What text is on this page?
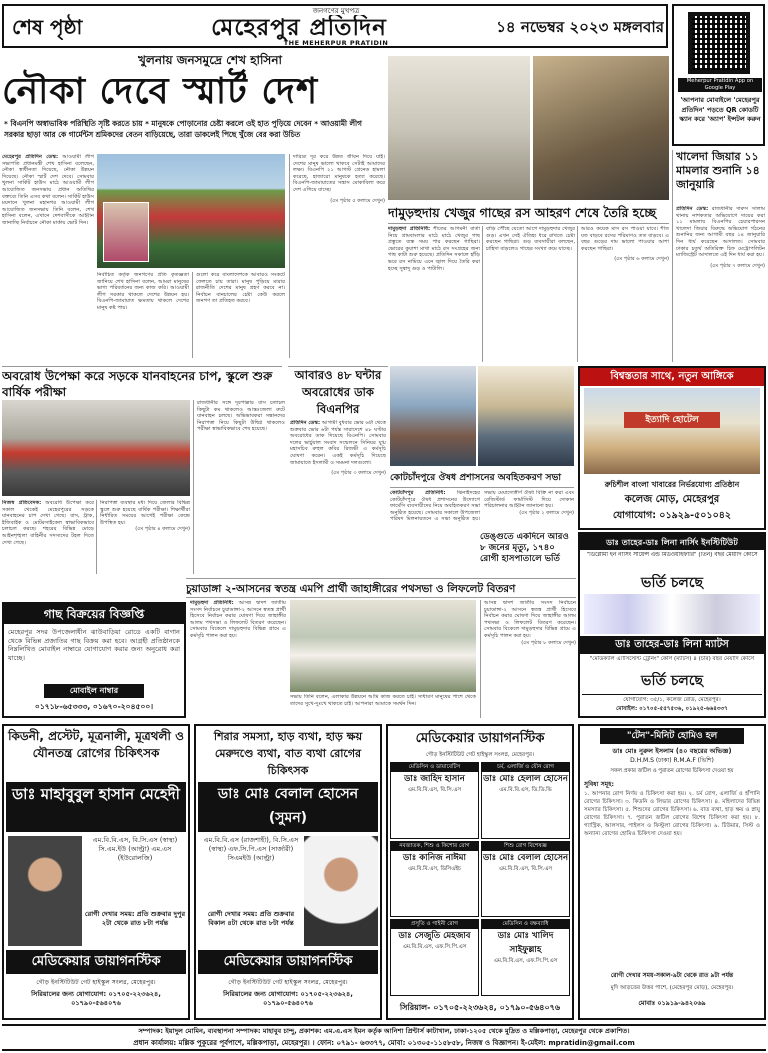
শেষ পৃষ্ঠা
জনগণের মুখপত্র
মেহেরপুর প্রতিদিন
THE MEHERPUR PRATIDIN
১৪ নভেম্বর ২০২৩ মঙ্গলবার
Meherpur Pratidin App on Google Play
'আপনার মোবাইলে 'মেহেরপুর প্রতিদিন' পড়তে QR কোডটি স্ক্যান করে 'অ্যাপ' ইন্সটল করুন
খুলনায় জনসমুদ্রে শেখ হাসিনা
নৌকা দেবে স্মার্ট দেশ
* বিএনপি অস্বাভাবিক পরিস্থিতি সৃষ্টি করতে চায় * মানুষকে পোড়ানোর চেষ্টা করলে ওই হাত পুড়িয়ে দেবেন * আওয়ামী লীগ সরকার ছাড়া আর কে গার্মেন্টস শ্রমিকদের বেতন বাড়িয়েছে, তারা ডাকলেই পিছে খুঁজে বের করা উচিত
মেহেরপুর প্রতিদিন ডেস্ক: আওয়ামী লীগ সভাপতি প্রধানমন্ত্রী শেখ হাসিনা বলেছেন, নৌকা স্বাধীনতা দিয়েছে, নৌকা উন্নয়ন দিয়েছে। নৌকা স্মার্ট দেশ দেবে। সোমবার খুলনা সার্কিট হাউস মাঠে আওয়ামী লীগ আয়োজিত জনসভায় প্রধান অতিথির বক্তব্যে তিনি এসব কথা বলেন। সার্কিট হাউস ময়দানে খুলনা মহানগর আওয়ামী লীগ আয়োজিত জনসভায় তিনি বলেন, শেখ হাসিনা বলেন, এখানে দেশবাসীকে আহ্বান জানাচ্ছি নির্বাচনে নৌকা মার্কায় ভোট দিন।
নির্বাচিত কর্তৃক জনগণের প্রতি কৃতজ্ঞতা জানিয়ে শেখ হাসিনা বলেন, আমরা মানুষের ভাগ্য পরিবর্তনের জন্য কাজ করি। আওয়ামী লীগ সরকার থাকলে দেশের উন্নয়ন হয়। বিএনপি-জামায়াত ক্ষমতায় থাকলে দেশের মানুষ কষ্ট পায়।
গুলো করে বাংলাদেশকে আবারও সংকটে ফেলতে চায় তারা। মানুষ পুড়িয়ে মারার রাজনীতি দেশের মানুষ গ্রহণ করবে না। নির্বাচন বানচালের চেষ্টা কেউ করলে জনগণ তা প্রতিহত করবে।
দারিদ্র্য দূর করে উন্নত জীবন দিয়ে যাই। দেশের মানুষ ভালো থাকবে সেটাই আমাদের লক্ষ্য। বিএনপি ২১ আগস্ট গ্রেনেড হামলা করেছে, হাজারো মানুষকে হত্যা করেছে। বিএনপি-জামায়াতের সন্ত্রাস মোকাবিলা করে দেশ এগিয়ে যাচ্ছে।
(৫ম পৃষ্ঠার ৫ কলামে দেখুন)
দামুড়হুদায় খেজুর গাছের রস আহরণ শেষে তৈরি হচ্ছে
দামুড়হুদা প্রতিনিধি: শীতের আগমনী বার্তা নিয়ে গ্রামবাংলার মাঠে মাঠে খেজুর গাছ প্রস্তুতে ব্যস্ত সময় পার করছেন গাছিরা। ভোরের কুয়াশা মাখা মাঠে রস সংগ্রহের জন্য গাছ কাটা শুরু হয়েছে। প্রতিদিন সকালে হাঁড়ি ভরে রস নামিয়ে এনে জ্বাল দিয়ে তৈরি করা হচ্ছে সুস্বাদু গুড় ও পাটালি।
বাড়ি পৌঁছে যেতো আগে দামুড়হুদার খেজুর গুড়। এখন সেই ঐতিহ্য ধরে রাখতে চেষ্টা করছেন গাছিরা। গুড় ব্যবসায়ীরা বলছেন, চাহিদা বাড়লেও গাছের সংখ্যা কমে যাচ্ছে।
আরও কয়েক মাস রস পাওয়া যাবে। শীত যত বাড়বে রসের পরিমাণও তত বাড়বে। এ বছর গুড়ের দাম ভালো পাওয়ার আশা করছেন গাছিরা।
(৫ম পৃষ্ঠার ৬ কলামে দেখুন)
খালেদা জিয়ার ১১ মামলার শুনানি ১৪ জানুয়ারি
প্রতিদিন ডেস্ক: রাজধানীর দারুস সালাম থানায় নাশকতার অভিযোগে দায়ের করা ১১ মামলায় বিএনপির চেয়ারপারসন খালেদা জিয়ার বিরুদ্ধে অভিযোগ গঠনের শুনানির জন্য আগামী বছর ১৪ জানুয়ারি দিন ধার্য করেছেন আদালত। সোমবার ঢাকার চতুর্থ অতিরিক্ত চিফ মেট্রোপলিটন ম্যাজিস্ট্রেট আদালতে এই দিন ধার্য করা হয়।
(৫ম পৃষ্ঠার ৭ কলামে দেখুন)
অবরোধ উপেক্ষা করে সড়কে যানবাহনের চাপ, স্কুলে শুরু বার্ষিক পরীক্ষা
রাজধানীর সঙ্গে দূরপাল্লার বাস চলাচল কিছুটা কম থাকলেও আন্তঃজেলা রুটে যানবাহন চলছে। অভিভাবকরা সন্তানদের নিরাপত্তা নিয়ে কিছুটা উদ্বিগ্ন থাকলেও পরীক্ষা স্বাভাবিকভাবে শেষ হয়েছে।
নিজস্ব প্রতিবেদক: অবরোধ উপেক্ষা করে সকাল থেকেই মেহেরপুরের সড়কে যানবাহনের চাপ দেখা গেছে। বাস, ট্রাক, ইজিবাইক ও মোটরসাইকেল স্বাভাবিকভাবে চলাচল করছে। শহরের বিভিন্ন মোড়ে আইনশৃঙ্খলা বাহিনীর সদস্যদের টহল দিতে দেখা গেছে।
নিরাপত্তা ব্যবস্থার মধ্য দিয়ে জেলার বিভিন্ন স্কুলে শুরু হয়েছে বার্ষিক পরীক্ষা। শিক্ষার্থীরা নির্ধারিত সময়ের আগেই পরীক্ষা কেন্দ্রে উপস্থিত হয়।
(৫ম পৃষ্ঠার ৪ কলামে দেখুন)
আবারও ৪৮ ঘন্টার অবরোধের ডাক বিএনপির
প্রতিদিন ডেস্ক: আগামী বুধবার ভোর ৬টা থেকে শুক্রবার ভোর ৬টা পর্যন্ত সারাদেশে ৪৮ ঘণ্টার অবরোধের ডাক দিয়েছে বিএনপি। সোমবার দলের ভার্চুয়াল সংবাদ সম্মেলনে সিনিয়র যুগ্ম মহাসচিব রুহুল কবির রিজভী এ কর্মসূচি ঘোষণা করেন। একই কর্মসূচি দিয়েছে জামায়াতে ইসলামী ও সমমনা দলগুলো।
(৫ম পৃষ্ঠার ৩ কলামে দেখুন) কোটচাঁদপুরে ঔষধ প্রশাসনের অবহিতকরণ সভা
কোটচাঁদপুর প্রতিনিধি: ঝিনাইদহের কোটচাঁদপুরে ঔষধ প্রশাসনের উদ্যোগে ফার্মেসি ব্যবসায়ীদের নিয়ে অবহিতকরণ সভা অনুষ্ঠিত হয়েছে। সোমবার সকালে উপজেলা পরিষদ মিলনায়তনে এ সভা অনুষ্ঠিত হয়। সভায় মেয়াদোত্তীর্ণ ঔষধ বিক্রি না করা এবং রেজিস্টার্ড ফার্মাসিস্ট দিয়ে দোকান পরিচালনার আহ্বান জানানো হয়।
(৫ম পৃষ্ঠার ২ কলামে দেখুন)
বিশ্বস্ততার সাথে, নতুন আঙ্গিকে
ইত্যাদি হোটেল
রুচিশীল বাংলা খাবারের নির্ভরযোগ্য প্রতিষ্ঠান
কলেজ মোড়, মেহেরপুর
যোগাযোগ: ০১৯২৯-৫০১০৪২
চুয়াডাঙ্গা ২-আসনের স্বতন্ত্র এমপি প্রার্থী জাহাঙ্গীরের পথসভা ও লিফলেট বিতরণ
দামুড়হুদা প্রতিনিধি: আসন্ন দ্বাদশ জাতীয় সংসদ নির্বাচনে চুয়াডাঙ্গা-২ আসনে স্বতন্ত্র প্রার্থী হিসেবে নির্বাচন করার ঘোষণা দিয়ে জাহাঙ্গীর আলম পথসভা ও লিফলেট বিতরণ করেছেন। সোমবার বিকেলে দামুড়হুদার বিভিন্ন গ্রামে এ কর্মসূচি পালন করা হয়।
সভায় তিনি বলেন, এলাকার উন্নয়নে আমি কাজ করতে চাই। সাধারণ মানুষের পাশে থেকে তাদের সুখে-দুঃখে থাকতে চাই। আপনারা আমাকে সমর্থন দিন।
আসন্ন দ্বাদশ জাতীয় সংসদ নির্বাচনে চুয়াডাঙ্গা-২ আসনে স্বতন্ত্র প্রার্থী হিসেবে নির্বাচন করার ঘোষণা দিয়ে জাহাঙ্গীর আলম পথসভা ও লিফলেট বিতরণ করেছেন। সোমবার বিকেলে দামুড়হুদার বিভিন্ন গ্রামে এ কর্মসূচি পালন করা হয়।
(৫ম পৃষ্ঠার ৮ কলামে দেখুন)
ডেঙ্গুতে একদিনে আরও ৮ জনের মৃত্যু, ১৭৪০ রোগী হাসপাতালে ভর্তি
গাছ বিক্রয়ের বিজ্ঞপ্তি
মেহেরপুর সদর উপজেলাধীন ঝাউবাড়িয়া রোডে একটি বাগান থেকে বিভিন্ন প্রজাতির গাছ বিক্রয় করা হবে। আগ্রহী প্রতিষ্ঠানকে নিম্নলিখিত মোবাইল নাম্বারে যোগাযোগ করার জন্য অনুরোধ করা যাচ্ছে।
মোবাইল নাম্বার
০১৭১৮-৬৫৩৩৩, ০১৬৭০-২০৪৫০০।
ডাঃ তাহের-ডাঃ লিনা নার্সিং ইনস্টিটিউট
"ডিপ্লোমা ইন নার্সিং সায়েন্স এন্ড মিডওয়াইফারি" (তিন) বছর মেয়াদি কোর্সে
ভর্তি চলছে
ডাঃ তাহের-ডাঃ লিনা ম্যাটস
"মেডিক্যাল এ্যাসিস্টেন্ট ট্রেনিং" কোর্স (ম্যাটস) ৪ (চার) বছর মেয়াদি কোর্সে
ভর্তি চলছে
যোগাযোগ: ৩৫/১, কলেজ রোড, মেহেরপুর।
মোবাইল: ০১৭০৫-৫৫৭৫৩৬, ০১৯২৫-৬৬৪৩৩৭
কিডনী, প্রস্টেট, মূত্রনালী, মূত্রথলী ও যৌনতন্ত্র রোগের চিকিৎসক
ডাঃ মাহাবুবুল হাসান মেহেদী
এম.বি.বি.এস, বি.সি.এস (স্বাস্থ্য) সি.এম.ইউ (আল্ট্রা) এম.এস (ইউরোলজি)
রোগী দেখার সময়: প্রতি শুক্রবার দুপুর ২টা থেকে রাত ৮টা পর্যন্ত
মেডিকেয়ার ডায়াগনস্টিক
গৌড় ইনস্টিটিউট গেট হাইস্কুল সংলগ্ন, মেহেরপুর।
সিরিয়ালের জন্য যোগাযোগ: ০১৭০৫-২২৩৬২৪, ০১৭৯০-৫৬৪০৭৬
শিরার সমস্যা, হাড় ব্যথা, হাড় ক্ষয় মেরুদণ্ডে ব্যথা, বাত ব্যথা রোগের চিকিৎসক
ডাঃ মোঃ বেলাল হোসেন (সুমন)
এম.বি.বি.এস (রাজশাহী), বি.সি.এস (স্বাস্থ্য) এফ.সি.পি.এস (সার্জারী) সিএমইউ (আল্ট্রা)
রোগী দেখার সময়: প্রতি শুক্রবার বিকাল ৪টা থেকে রাত ৮টা পর্যন্ত
মেডিকেয়ার ডায়াগনস্টিক
গৌড় ইনস্টিটিউট গেট হাইস্কুল সংলগ্ন, মেহেরপুর।
সিরিয়ালের জন্য যোগাযোগ: ০১৭০৫-২২৩৬২৪, ০১৭৯০-৫৬৪০৭৬
মেডিকেয়ার ডায়াগনস্টিক
গৌড় ইনস্টিটিউট গেট হাইস্কুল সংলগ্ন, মেহেরপুর।
মেডিসিন ও ডায়াবেটিস
ডাঃ জাহিদ হাসান
এম.বি.বি.এস, বি.সি.এস
চর্ম, এলার্জি ও যৌন রোগ
ডাঃ মোঃ হেলাল হোসেন
এম.বি.বি.এস, ডি.ডি.ভি
নবজাতক, শিশু ও কিশোর রোগ
ডাঃ কানিজ নাঈমা
এম.বি.বি.এস, ডিসিএইচ
শিশু রোগ বিশেষজ্ঞ
ডাঃ মোঃ বেলাল হোসেন
এম.বি.বি.এস, বি.সি.এস
প্রসূতি ও গাইনী রোগ
ডাঃ সেজুতি মেহজাব
এম.বি.বি.এস, এফ.সি.পি.এস
মেডিসিন ও বক্ষব্যাধি
ডাঃ মোঃ খালিদ সাইফুল্লাহ
এম.বি.বি.এস, এফ.সি.পি.এস
সিরিয়াল- ০১৭০৫-২২৩৬২৪, ০১৭৯০-৫৬৪০৭৬
"টেন"-মিনিট হোমিও হল
ডাঃ মোঃ নুরুল ইসলাম (৪০ বছরের অভিজ্ঞ)
D.H.M.S (ঢাকা) R.M.A.F (ভিশি)
সকল প্রকার জটিল ও পুরাতন রোগের চিকিৎসা দেওয়া হয়
সুবিধা সমূহ:
১. আপনার রোগ নির্ণয় ও চিকিৎসা করা হয়। ২. চর্ম রোগ, এলার্জি ও হাঁপানি রোগের চিকিৎসা। ৩. কিডনি ও লিভার রোগের চিকিৎসা। ৪. মহিলাদের বিভিন্ন সমস্যার চিকিৎসা। ৫. শিশুদের রোগের চিকিৎসা। ৬. বাত ব্যথা, হাড় ক্ষয় ও স্নায়ু রোগের চিকিৎসা। ৭. পুরাতন জটিল রোগের বিশেষ চিকিৎসা করা হয়। ৮. গ্যাস্ট্রিক, আলসার, পাইলস ও ফিস্টুলা রোগের চিকিৎসা। ৯. টিউমার, সিস্ট ও অন্যান্য রোগের হোমিও চিকিৎসা দেওয়া হয়।
রোগী দেখার সময়-সকাল-৯টা থেকে রাত ৯টা পর্যন্ত
মুদি আড়তের উত্তর পাশে, (মেহেরপুর মোড়), মেহেরপুর।
মোবাঃ ০১৯১৯-৯৪২০৬৯
সম্পাদক: ইয়াদুল মোমিন, ব্যবস্থাপনা সম্পাদক: মাহাবুব চান্দু, প্রকাশক: এম.এ.এস ইমন কর্তৃক আনিশা প্রিন্টার্স কাটাখাল, ঢাকা-১২০৫ থেকে মুদ্রিত ও মল্লিকপাড়া, মেহেরপুর থেকে প্রকাশিত।
প্রধান কার্যালয়: মল্লিক পুকুরের পূর্বপাশে, মল্লিকপাড়া, মেহেরপুর। । ফোন: ০৭৯১- ৬৩৩৭৭, মোবা: ০১৩০৫-১১৫৮৫৮, নিজস্ব ও বিজ্ঞাপন। ই-মেইল: mpratidin@gmail.com
